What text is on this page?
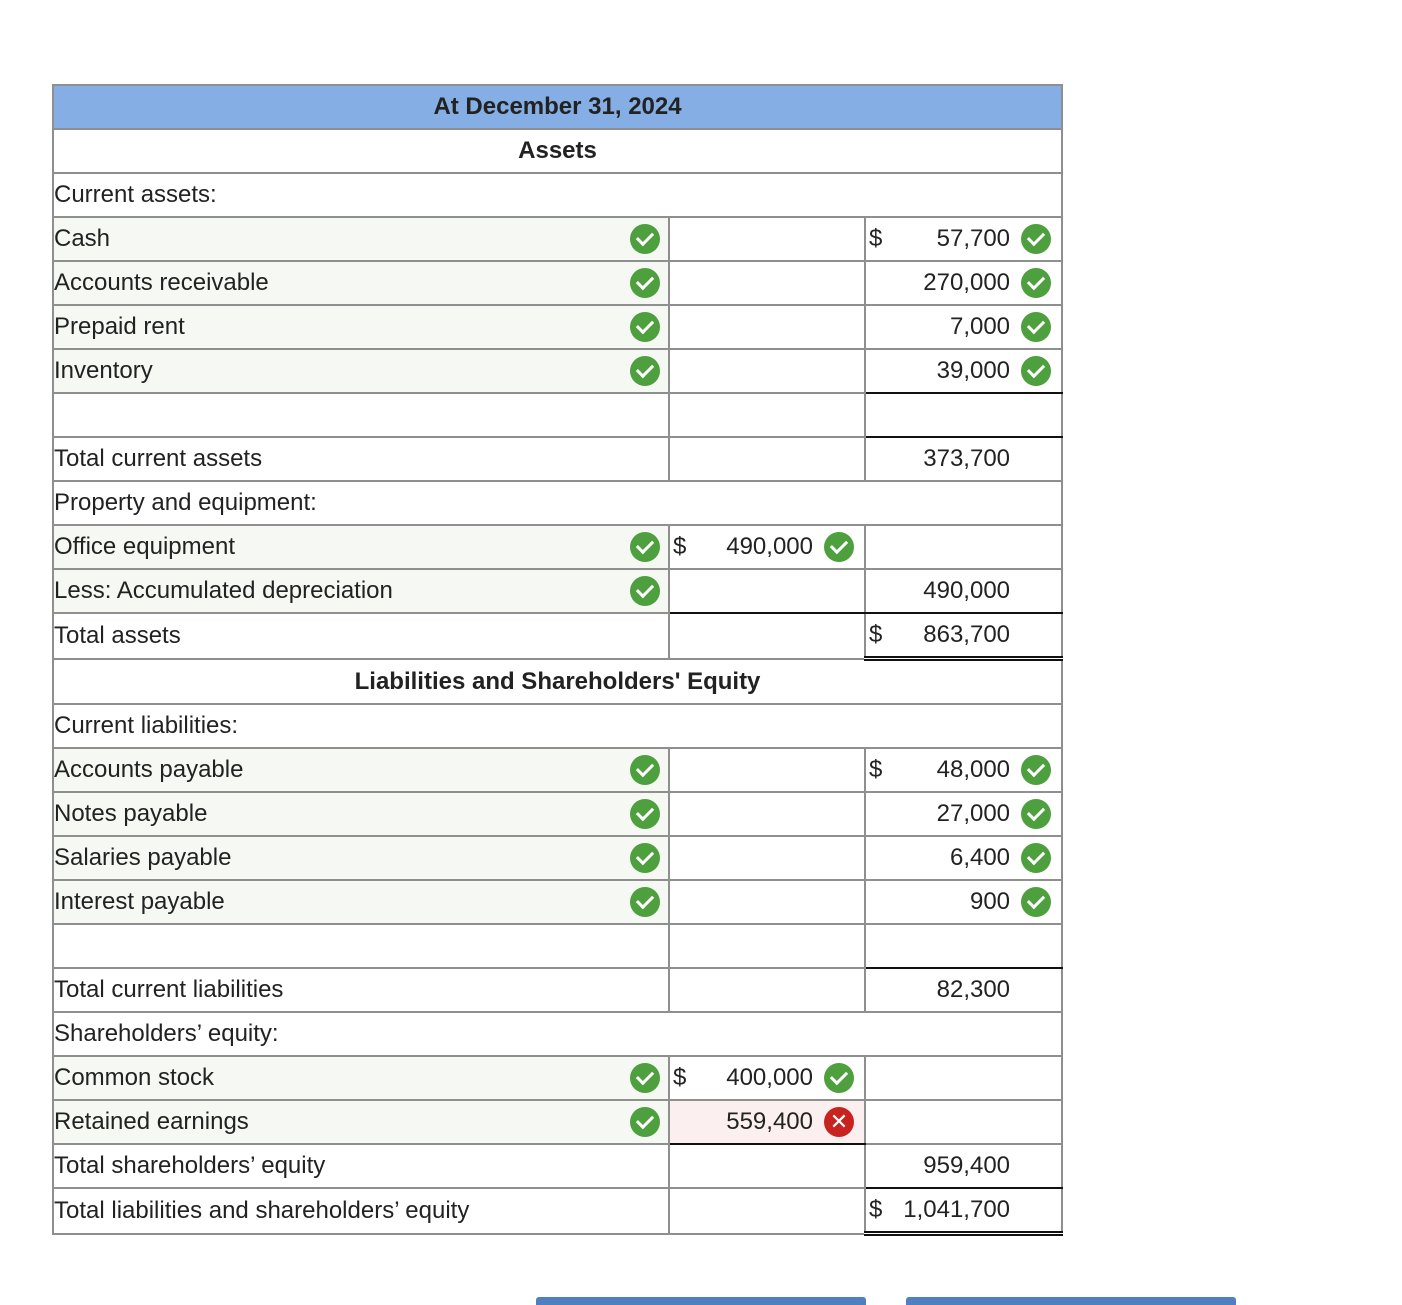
At December 31, 2024		
Assets		
Current assets:		
Cash		$ 57,700

Accounts receivable		270,000

Prepaid rent		7,000

Inventory		39,000

Total current assets		373,700

Property and equipment:		
Office equipment	$ 490,000	

Less: Accumulated depreciation		490,000

Total assets		$ 863,700

Liabilities and Shareholders' Equity		
Current liabilities:		
Accounts payable		$ 48,000

Notes payable		27,000

Salaries payable		6,400

Interest payable		900

Total current liabilities		82,300

Shareholders’ equity:		
Common stock	$ 400,000	

Retained earnings	559,400 ✕	

Total shareholders’ equity		959,400

Total liabilities and shareholders’ equity		$ 1,041,700
